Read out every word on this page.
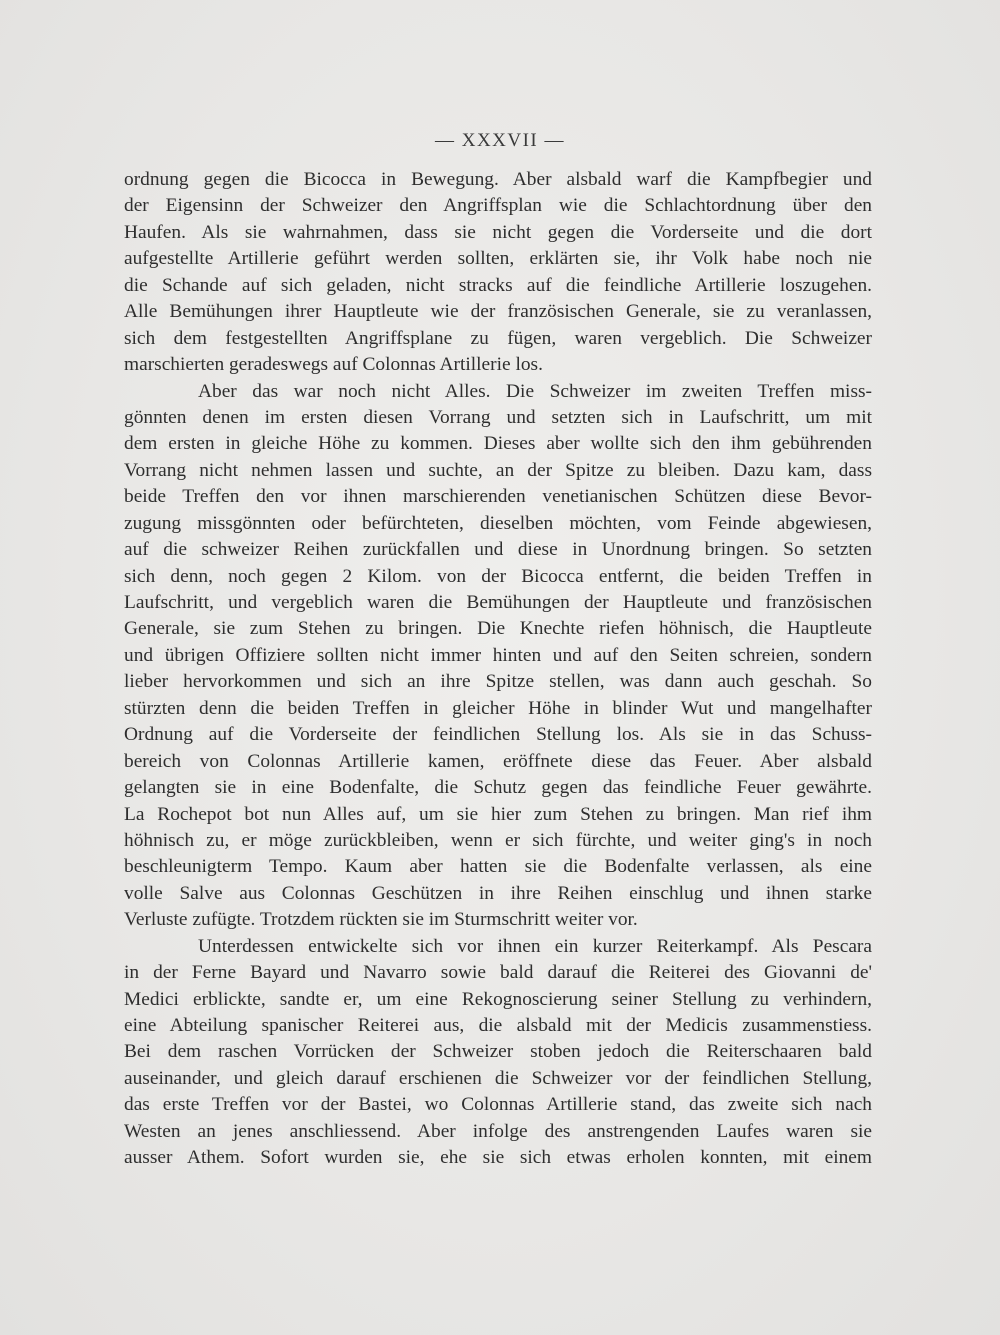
— XXXVII —
ordnung gegen die Bicocca in Bewegung. Aber alsbald warf die Kampfbegier und
der Eigensinn der Schweizer den Angriffsplan wie die Schlachtordnung über den
Haufen. Als sie wahrnahmen, dass sie nicht gegen die Vorderseite und die dort
aufgestellte Artillerie geführt werden sollten, erklärten sie, ihr Volk habe noch nie
die Schande auf sich geladen, nicht stracks auf die feindliche Artillerie loszugehen.
Alle Bemühungen ihrer Hauptleute wie der französischen Generale, sie zu veranlassen,
sich dem festgestellten Angriffsplane zu fügen, waren vergeblich. Die Schweizer
marschierten geradeswegs auf Colonnas Artillerie los.
Aber das war noch nicht Alles. Die Schweizer im zweiten Treffen miss-
gönnten denen im ersten diesen Vorrang und setzten sich in Laufschritt, um mit
dem ersten in gleiche Höhe zu kommen. Dieses aber wollte sich den ihm gebührenden
Vorrang nicht nehmen lassen und suchte, an der Spitze zu bleiben. Dazu kam, dass
beide Treffen den vor ihnen marschierenden venetianischen Schützen diese Bevor-
zugung missgönnten oder befürchteten, dieselben möchten, vom Feinde abgewiesen,
auf die schweizer Reihen zurückfallen und diese in Unordnung bringen. So setzten
sich denn, noch gegen 2 Kilom. von der Bicocca entfernt, die beiden Treffen in
Laufschritt, und vergeblich waren die Bemühungen der Hauptleute und französischen
Generale, sie zum Stehen zu bringen. Die Knechte riefen höhnisch, die Hauptleute
und übrigen Offiziere sollten nicht immer hinten und auf den Seiten schreien, sondern
lieber hervorkommen und sich an ihre Spitze stellen, was dann auch geschah. So
stürzten denn die beiden Treffen in gleicher Höhe in blinder Wut und mangelhafter
Ordnung auf die Vorderseite der feindlichen Stellung los. Als sie in das Schuss-
bereich von Colonnas Artillerie kamen, eröffnete diese das Feuer. Aber alsbald
gelangten sie in eine Bodenfalte, die Schutz gegen das feindliche Feuer gewährte.
La Rochepot bot nun Alles auf, um sie hier zum Stehen zu bringen. Man rief ihm
höhnisch zu, er möge zurückbleiben, wenn er sich fürchte, und weiter ging's in noch
beschleunigterm Tempo. Kaum aber hatten sie die Bodenfalte verlassen, als eine
volle Salve aus Colonnas Geschützen in ihre Reihen einschlug und ihnen starke
Verluste zufügte. Trotzdem rückten sie im Sturmschritt weiter vor.
Unterdessen entwickelte sich vor ihnen ein kurzer Reiterkampf. Als Pescara
in der Ferne Bayard und Navarro sowie bald darauf die Reiterei des Giovanni de'
Medici erblickte, sandte er, um eine Rekognoscierung seiner Stellung zu verhindern,
eine Abteilung spanischer Reiterei aus, die alsbald mit der Medicis zusammenstiess.
Bei dem raschen Vorrücken der Schweizer stoben jedoch die Reiterschaaren bald
auseinander, und gleich darauf erschienen die Schweizer vor der feindlichen Stellung,
das erste Treffen vor der Bastei, wo Colonnas Artillerie stand, das zweite sich nach
Westen an jenes anschliessend. Aber infolge des anstrengenden Laufes waren sie
ausser Athem. Sofort wurden sie, ehe sie sich etwas erholen konnten, mit einem
